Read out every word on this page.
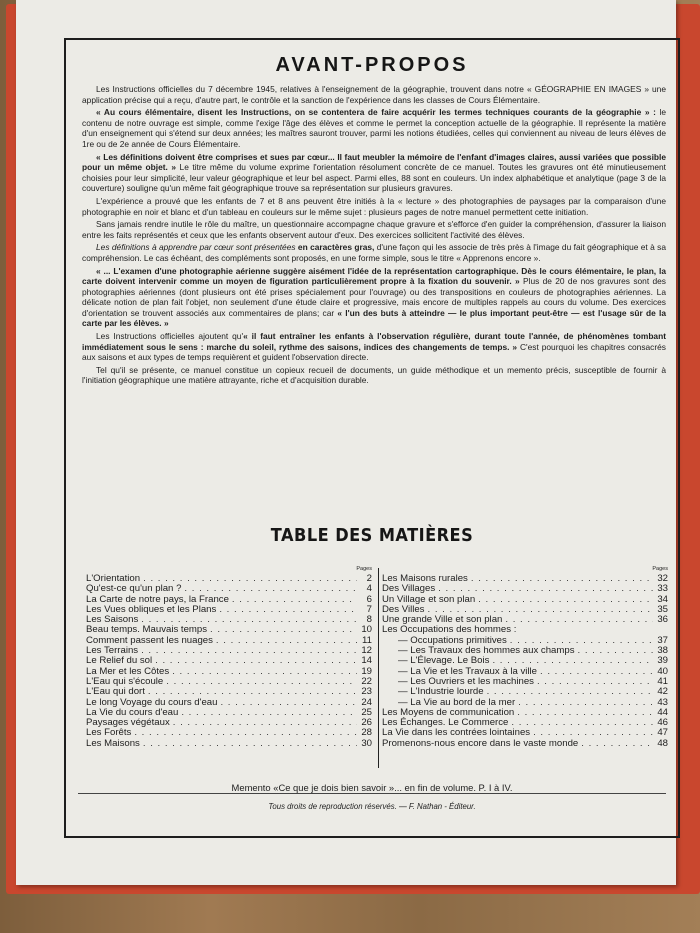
AVANT-PROPOS

Les Instructions officielles du 7 décembre 1945, relatives à l'enseignement de la géographie, trouvent dans notre « GÉOGRAPHIE EN IMAGES » une application précise qui a reçu, d'autre part, le contrôle et la sanction de l'expérience dans les classes de Cours Élémentaire.

« Au cours élémentaire, disent les Instructions, on se contentera de faire acquérir les termes techniques courants de la géographie » : le contenu de notre ouvrage est simple, comme l'exige l'âge des élèves et comme le permet la conception actuelle de la géographie. Il représente la matière d'un enseignement qui s'étend sur deux années; les maîtres sauront trouver, parmi les notions étudiées, celles qui conviennent au niveau de leurs élèves de 1re ou de 2e année de Cours Élémentaire.

« Les définitions doivent être comprises et sues par cœur... Il faut meubler la mémoire de l'enfant d'images claires, aussi variées que possible pour un même objet. » Le titre même du volume exprime l'orientation résolument concrète de ce manuel. Toutes les gravures ont été minutieusement choisies pour leur simplicité, leur valeur géographique et leur bel aspect. Parmi elles, 88 sont en couleurs. Un index alphabétique et analytique (page 3 de la couverture) souligne qu'un même fait géographique trouve sa représentation sur plusieurs gravures.

L'expérience a prouvé que les enfants de 7 et 8 ans peuvent être initiés à la « lecture » des photographies de paysages par la comparaison d'une photographie en noir et blanc et d'un tableau en couleurs sur le même sujet : plusieurs pages de notre manuel permettent cette initiation.

Sans jamais rendre inutile le rôle du maître, un questionnaire accompagne chaque gravure et s'efforce d'en guider la compréhension, d'assurer la liaison entre les faits représentés et ceux que les enfants observent autour d'eux. Des exercices sollicitent l'activité des élèves.

Les définitions à apprendre par cœur sont présentées en caractères gras, d'une façon qui les associe de très près à l'image du fait géographique et à sa compréhension. Le cas échéant, des compléments sont proposés, en une forme simple, sous le titre « Apprenons encore ».

« ... L'examen d'une photographie aérienne suggère aisément l'idée de la représentation cartographique. Dès le cours élémentaire, le plan, la carte doivent intervenir comme un moyen de figuration particulièrement propre à la fixation du souvenir. » Plus de 20 de nos gravures sont des photographies aériennes (dont plusieurs ont été prises spécialement pour l'ouvrage) ou des transpositions en couleurs de photographies aériennes. La délicate notion de plan fait l'objet, non seulement d'une étude claire et progressive, mais encore de multiples rappels au cours du volume. Des exercices d'orientation se trouvent associés aux commentaires de plans; car « l'un des buts à atteindre — le plus important peut-être — est l'usage sûr de la carte par les élèves. »

Les Instructions officielles ajoutent qu'« il faut entraîner les enfants à l'observation régulière, durant toute l'année, de phénomènes tombant immédiatement sous le sens : marche du soleil, rythme des saisons, indices des changements de temps. » C'est pourquoi les chapitres consacrés aux saisons et aux types de temps requièrent et guident l'observation directe.

Tel qu'il se présente, ce manuel constitue un copieux recueil de documents, un guide méthodique et un memento précis, susceptible de fournir à l'initiation géographique une matière attrayante, riche et d'acquisition durable.

TABLE DES MATIÈRES
Pages
L'Orientation . . .	2
Qu'est-ce qu'un plan ? . . .	4
La Carte de notre pays, la France . . .	6
Les Vues obliques et les Plans . . .	7
Les Saisons . . .	8
Beau temps. Mauvais temps . . .	10
Comment passent les nuages . . .	11
Les Terrains . . .	12
Le Relief du sol . . .	14
La Mer et les Côtes . . .	19
L'Eau qui s'écoule . . .	22
L'Eau qui dort . . .	23
Le long Voyage du cours d'eau . . .	24
La Vie du cours d'eau . . .	25
Paysages végétaux . . .	26
Les Forêts . . .	28
Les Maisons . . .	30
Pages
Les Maisons rurales . . .	32
Des Villages . . .	33
Un Village et son plan . . .	34
Des Villes . . .	35
Une grande Ville et son plan . . .	36
Les Occupations des hommes :
— Occupations primitives . . .	37
— Les Travaux des hommes aux champs . . .	38
— L'Élevage. Le Bois . . .	39
— La Vie et les Travaux à la ville . . .	40
— Les Ouvriers et les machines . . .	41
— L'Industrie lourde . . .	42
— La Vie au bord de la mer . . .	43
Les Moyens de communication . . .	44
Les Échanges. Le Commerce . . .	46
La Vie dans les contrées lointaines . . .	47
Promenons-nous encore dans le vaste monde . . .	48
Memento «Ce que je dois bien savoir »... en fin de volume. P. I à IV.
Tous droits de reproduction réservés. — F. Nathan - Éditeur.
